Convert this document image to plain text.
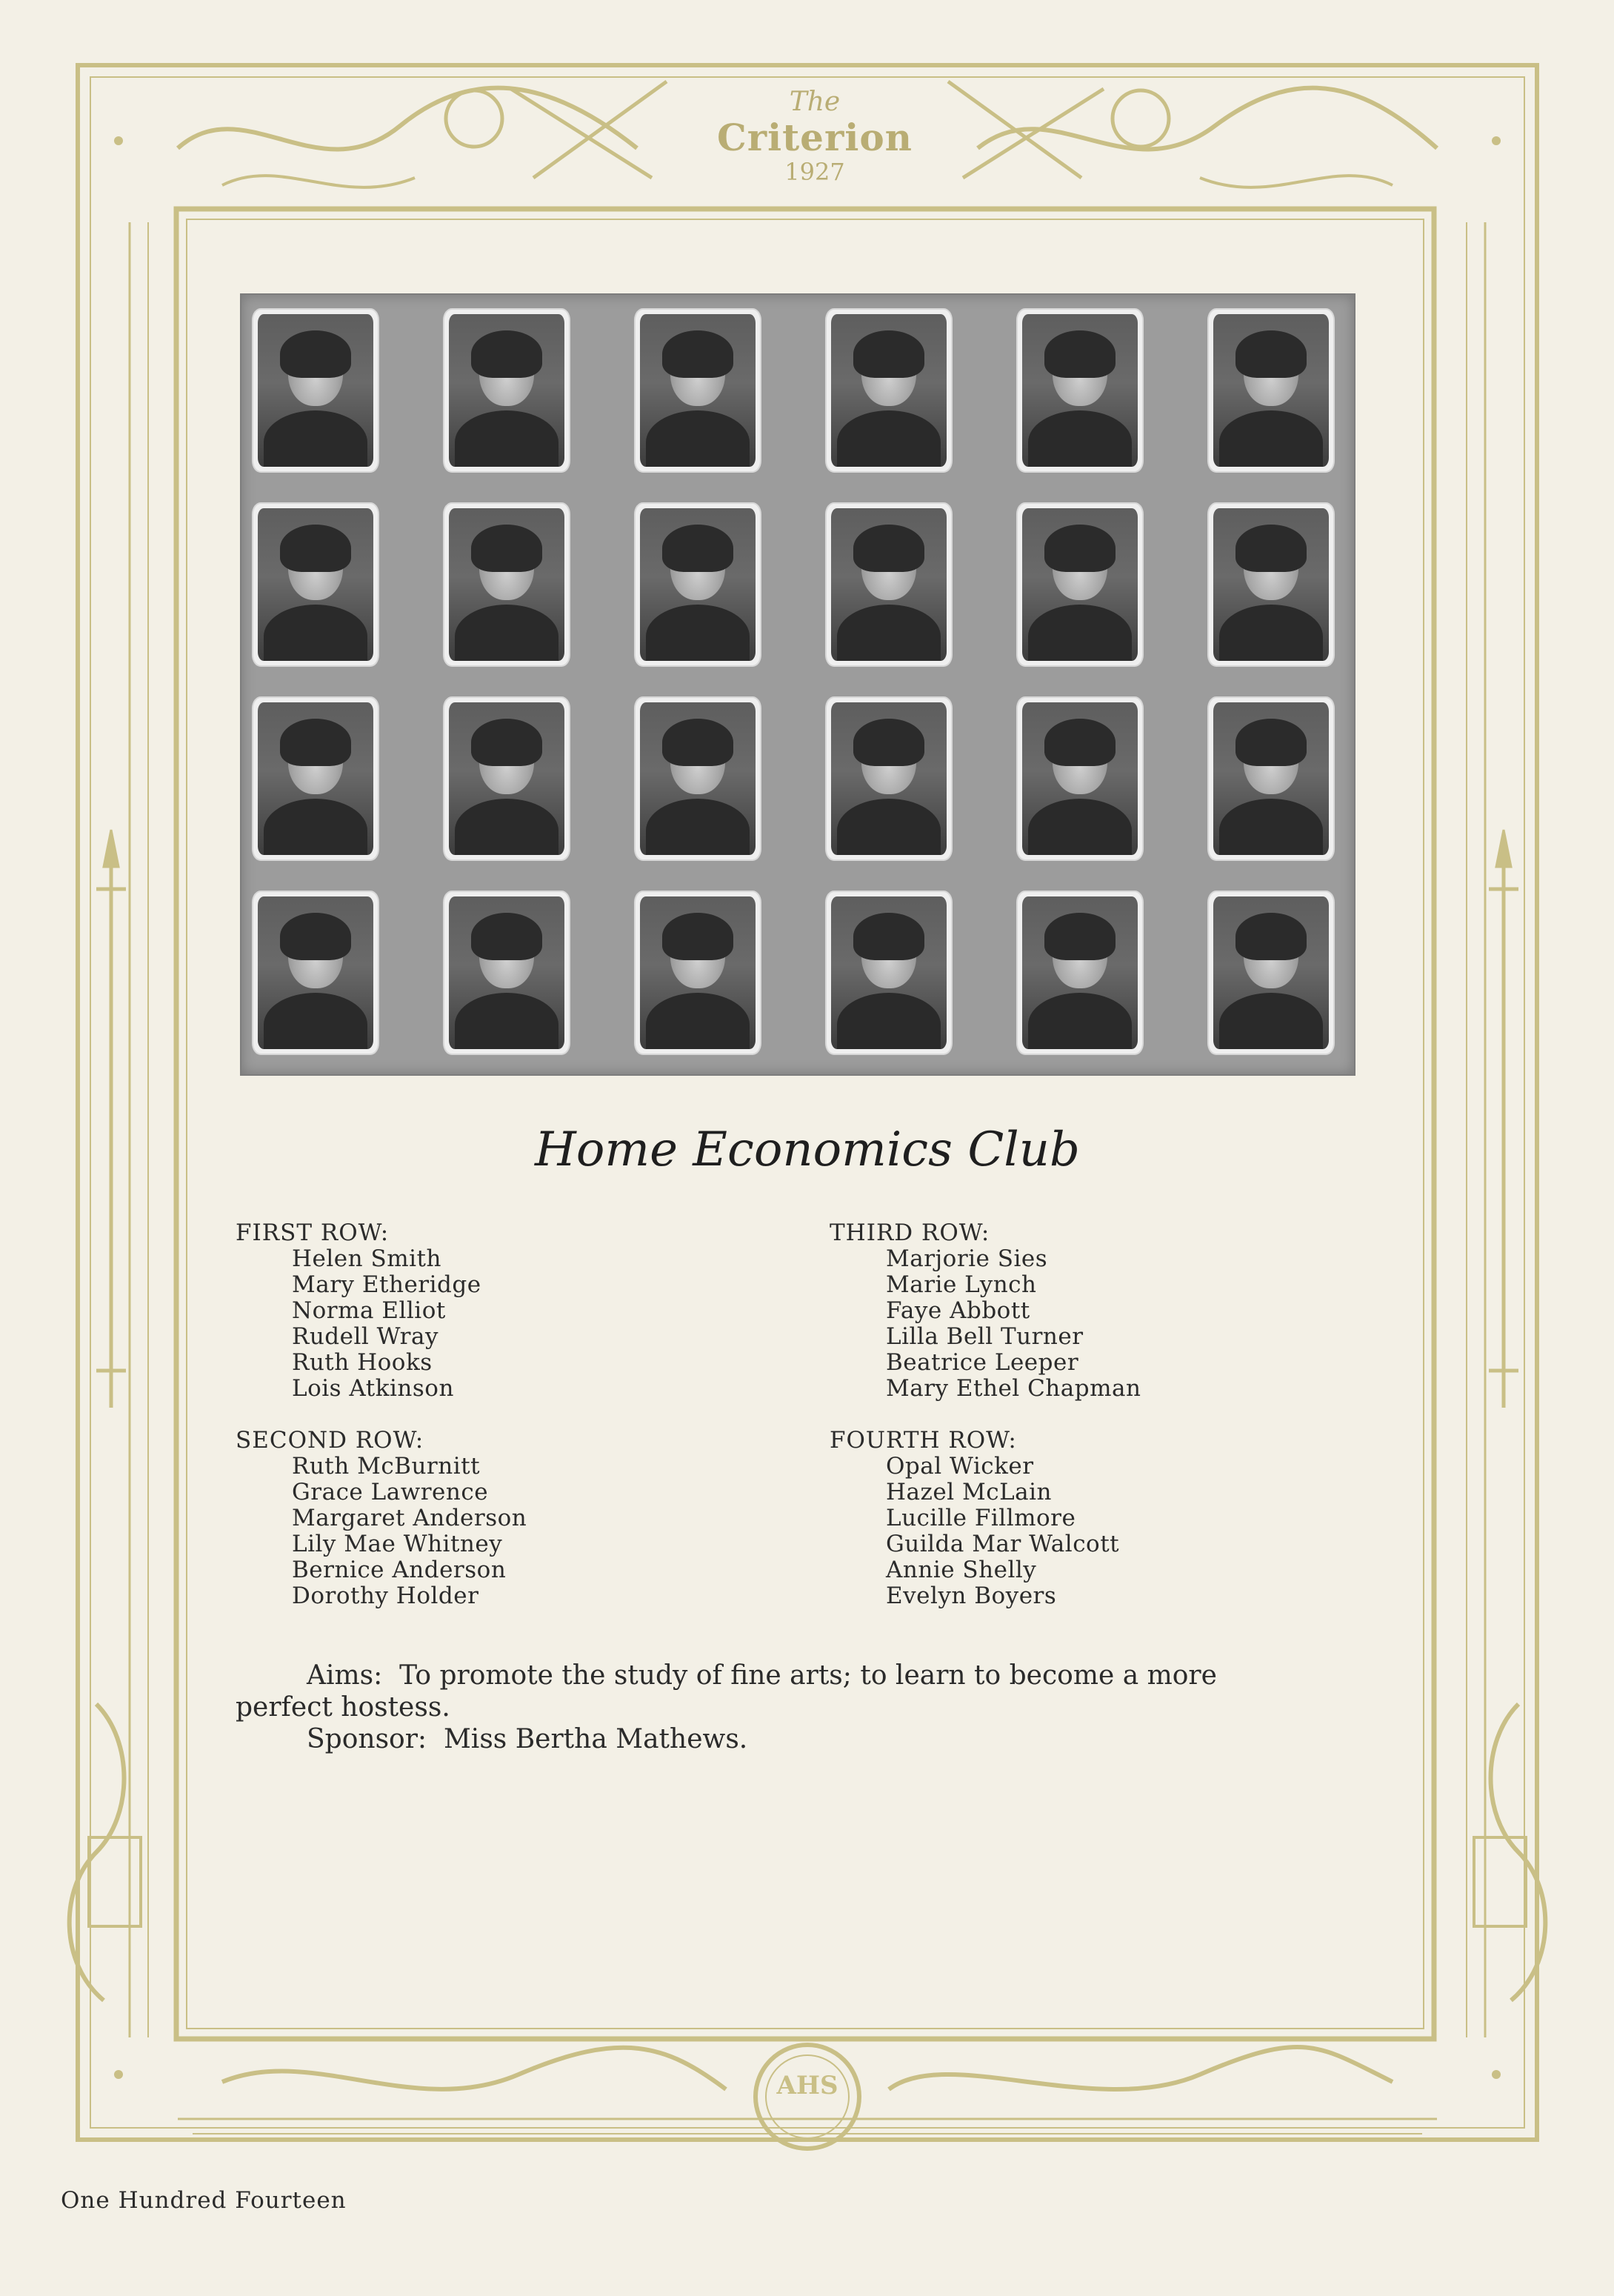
AHS
The
Criterion
1927
Home Economics Club
FIRST ROW:
Helen Smith
Mary Etheridge
Norma Elliot
Rudell Wray
Ruth Hooks
Lois Atkinson
SECOND ROW:
Ruth McBurnitt
Grace Lawrence
Margaret Anderson
Lily Mae Whitney
Bernice Anderson
Dorothy Holder
THIRD ROW:
Marjorie Sies
Marie Lynch
Faye Abbott
Lilla Bell Turner
Beatrice Leeper
Mary Ethel Chapman
FOURTH ROW:
Opal Wicker
Hazel McLain
Lucille Fillmore
Guilda Mar Walcott
Annie Shelly
Evelyn Boyers
Aims:  To promote the study of fine arts; to learn to become a more
perfect hostess.
Sponsor:  Miss Bertha Mathews.
One Hundred Fourteen
